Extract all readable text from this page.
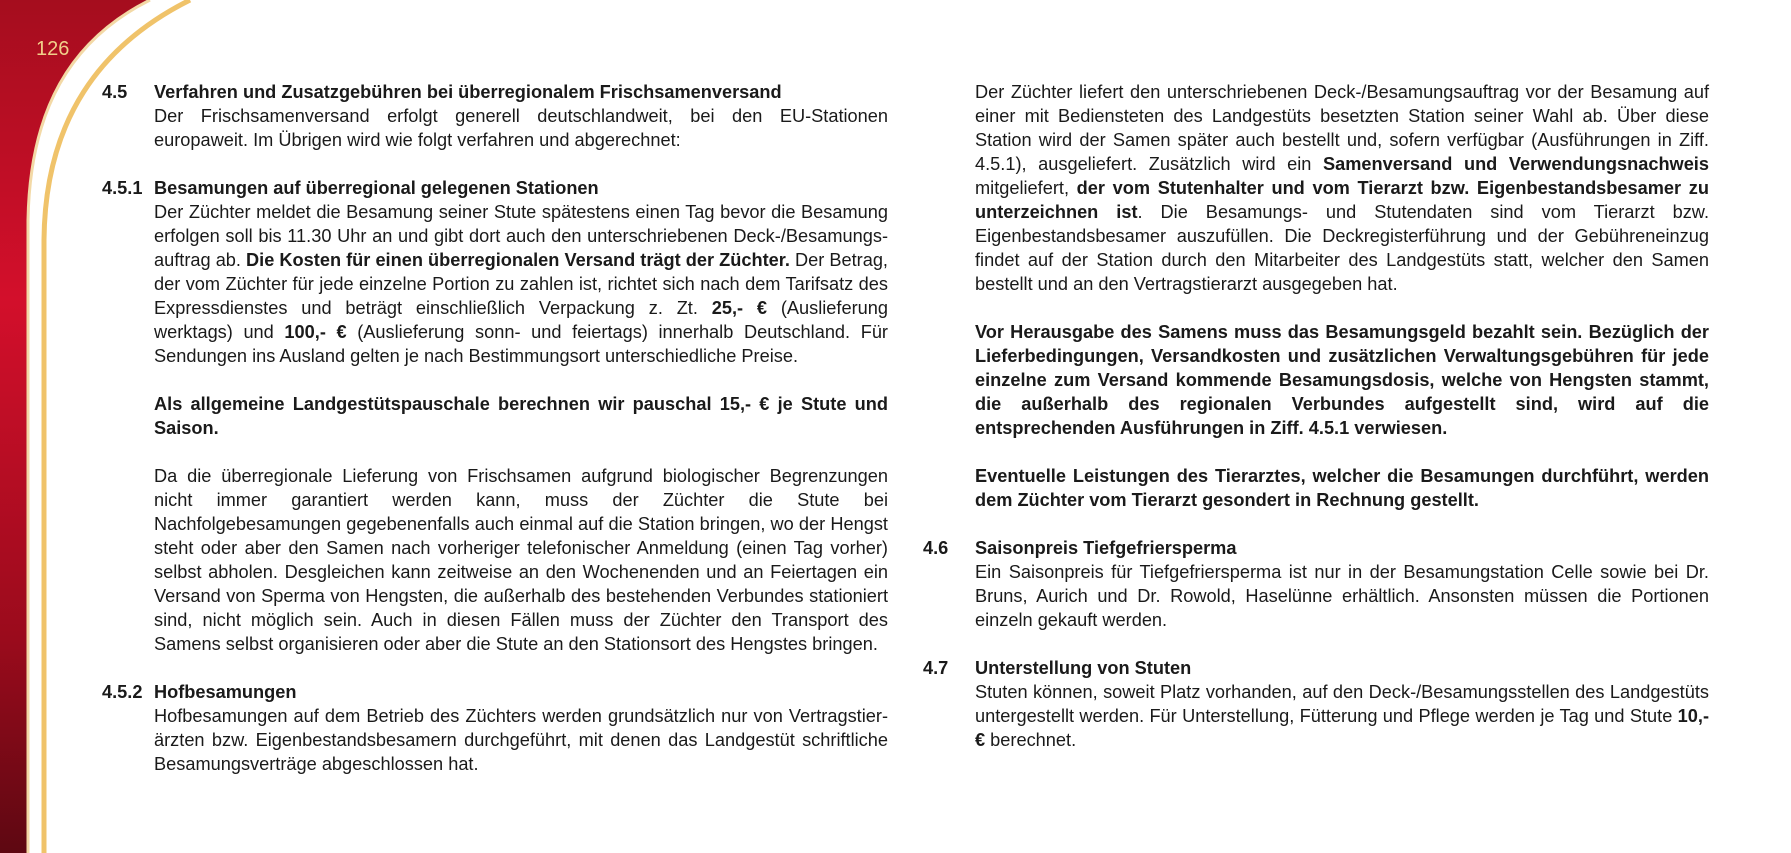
126
4.5 Verfahren und Zusatzgebühren bei überregionalem Frischsamenversand
Der Frischsamenversand erfolgt generell deutschlandweit, bei den EU-Stationen europaweit. Im Übrigen wird wie folgt verfahren und abgerechnet:
4.5.1 Besamungen auf überregional gelegenen Stationen
Der Züchter meldet die Besamung seiner Stute spätestens einen Tag bevor die Besamung erfolgen soll bis 11.30 Uhr an und gibt dort auch den unterschriebenen Deck-/Besamungsauftrag ab. Die Kosten für einen überregionalen Versand trägt der Züchter. Der Betrag, der vom Züchter für jede einzelne Portion zu zahlen ist, richtet sich nach dem Tarifsatz des Expressdienstes und beträgt einschließlich Verpackung z. Zt. 25,- € (Auslieferung werktags) und 100,- € (Auslieferung sonn- und feiertags) innerhalb Deutschland. Für Sendungen ins Ausland gelten je nach Bestimmungsort unterschiedliche Preise.
Als allgemeine Landgestütspauschale berechnen wir pauschal 15,- € je Stute und Saison.
Da die überregionale Lieferung von Frischsamen aufgrund biologischer Begrenzungen nicht immer garantiert werden kann, muss der Züchter die Stute bei Nachfolgebesamungen gegebenenfalls auch einmal auf die Station bringen, wo der Hengst steht oder aber den Samen nach vorheriger telefonischer Anmeldung (einen Tag vorher) selbst abholen. Desgleichen kann zeitweise an den Wochenenden und an Feiertagen ein Versand von Sperma von Hengsten, die außerhalb des bestehenden Verbundes stationiert sind, nicht möglich sein. Auch in diesen Fällen muss der Züchter den Transport des Samens selbst organisieren oder aber die Stute an den Stationsort des Hengstes bringen.
4.5.2 Hofbesamungen
Hofbesamungen auf dem Betrieb des Züchters werden grundsätzlich nur von Vertragstierärzten bzw. Eigenbestandsbesamern durchgeführt, mit denen das Landgestüt schriftliche Besamungsverträge abgeschlossen hat.
Der Züchter liefert den unterschriebenen Deck-/Besamungsauftrag vor der Besamung auf einer mit Bediensteten des Landgestüts besetzten Station seiner Wahl ab. Über diese Station wird der Samen später auch bestellt und, sofern verfügbar (Ausführungen in Ziff. 4.5.1), ausgeliefert. Zusätzlich wird ein Samenversand und Verwendungsnachweis mitgeliefert, der vom Stutenhalter und vom Tierarzt bzw. Eigenbestandsbesamer zu unterzeichnen ist. Die Besamungs- und Stutendaten sind vom Tierarzt bzw. Eigenbestandsbesamer auszufüllen. Die Deckregisterführung und der Gebühreneinzug findet auf der Station durch den Mitarbeiter des Landgestüts statt, welcher den Samen bestellt und an den Vertragstierarzt ausgegeben hat.
Vor Herausgabe des Samens muss das Besamungsgeld bezahlt sein. Bezüglich der Lieferbedingungen, Versandkosten und zusätzlichen Verwaltungsgebühren für jede einzelne zum Versand kommende Besamungsdosis, welche von Hengsten stammt, die außerhalb des regionalen Verbundes aufgestellt sind, wird auf die entsprechenden Ausführungen in Ziff. 4.5.1 verwiesen.
Eventuelle Leistungen des Tierarztes, welcher die Besamungen durchführt, werden dem Züchter vom Tierarzt gesondert in Rechnung gestellt.
4.6 Saisonpreis Tiefgefriersperma
Ein Saisonpreis für Tiefgefriersperma ist nur in der Besamungstation Celle sowie bei Dr. Bruns, Aurich und Dr. Rowold, Haselünne erhältlich. Ansonsten müssen die Portionen einzeln gekauft werden.
4.7 Unterstellung von Stuten
Stuten können, soweit Platz vorhanden, auf den Deck-/Besamungsstellen des Landgestüts untergestellt werden. Für Unterstellung, Fütterung und Pflege werden je Tag und Stute 10,- € berechnet.
